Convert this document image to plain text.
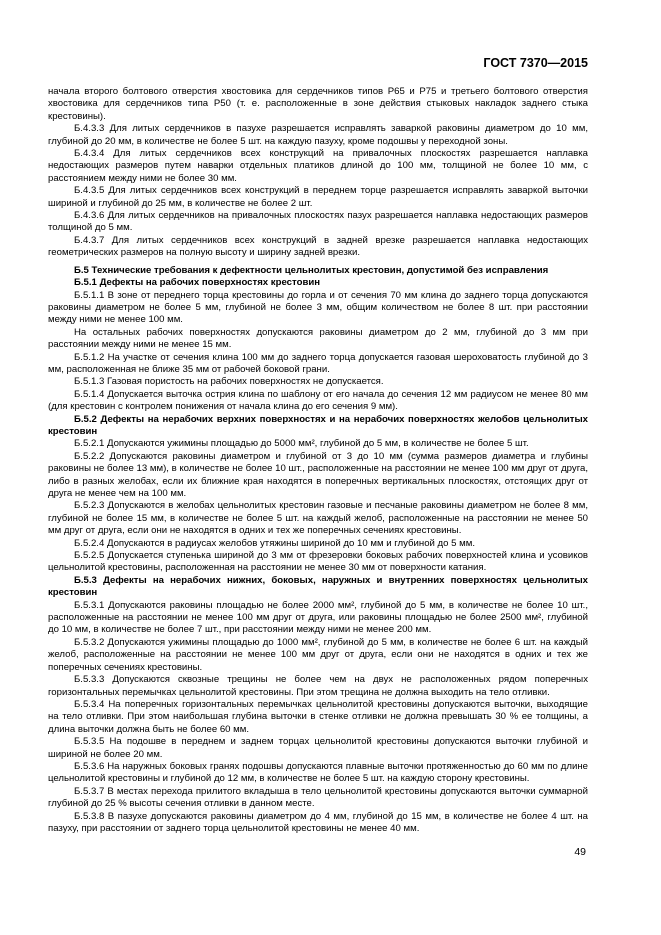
ГОСТ 7370—2015

начала второго болтового отверстия хвостовика для сердечников типов Р65 и Р75 и третьего болтового отверстия хвостовика для сердечников типа Р50 (т. е. расположенные в зоне действия стыковых накладок заднего стыка крестовины).

Б.4.3.3 Для литых сердечников в пазухе разрешается исправлять заваркой раковины диаметром до 10 мм, глубиной до 20 мм, в количестве не более 5 шт. на каждую пазуху, кроме подошвы у переходной зоны.

Б.4.3.4 Для литых сердечников всех конструкций на привалочных плоскостях разрешается наплавка недостающих размеров путем наварки отдельных платиков длиной до 100 мм, толщиной не более 10 мм, с расстоянием между ними не более 30 мм.

Б.4.3.5 Для литых сердечников всех конструкций в переднем торце разрешается исправлять заваркой выточки шириной и глубиной до 25 мм, в количестве не более 2 шт.

Б.4.3.6 Для литых сердечников на привалочных плоскостях пазух разрешается наплавка недостающих размеров толщиной до 5 мм.

Б.4.3.7 Для литых сердечников всех конструкций в задней врезке разрешается наплавка недостающих геометрических размеров на полную высоту и ширину задней врезки.

Б.5 Технические требования к дефектности цельнолитых крестовин, допустимой без исправления

Б.5.1 Дефекты на рабочих поверхностях крестовин

Б.5.1.1 В зоне от переднего торца крестовины до горла и от сечения 70 мм клина до заднего торца допускаются раковины диаметром не более 5 мм, глубиной не более 3 мм, общим количеством не более 8 шт. при расстоянии между ними не менее 100 мм.

На остальных рабочих поверхностях допускаются раковины диаметром до 2 мм, глубиной до 3 мм при расстоянии между ними не менее 15 мм.

Б.5.1.2 На участке от сечения клина 100 мм до заднего торца допускается газовая шероховатость глубиной до 3 мм, расположенная не ближе 35 мм от рабочей боковой грани.

Б.5.1.3 Газовая пористость на рабочих поверхностях не допускается.

Б.5.1.4 Допускается выточка острия клина по шаблону от его начала до сечения 12 мм радиусом не менее 80 мм (для крестовин с контролем понижения от начала клина до его сечения 9 мм).

Б.5.2 Дефекты на нерабочих верхних поверхностях и на нерабочих поверхностях желобов цельнолитых крестовин

Б.5.2.1 Допускаются ужимины площадью до 5000 мм², глубиной до 5 мм, в количестве не более 5 шт.

Б.5.2.2 Допускаются раковины диаметром и глубиной от 3 до 10 мм (сумма размеров диаметра и глубины раковины не более 13 мм), в количестве не более 10 шт., расположенные на расстоянии не менее 100 мм друг от друга, либо в разных желобах, если их ближние края находятся в поперечных вертикальных плоскостях, отстоящих друг от друга не менее чем на 100 мм.

Б.5.2.3 Допускаются в желобах цельнолитых крестовин газовые и песчаные раковины диаметром не более 8 мм, глубиной не более 15 мм, в количестве не более 5 шт. на каждый желоб, расположенные на расстоянии не менее 50 мм друг от друга, если они не находятся в одних и тех же поперечных сечениях крестовины.

Б.5.2.4 Допускаются в радиусах желобов утяжины шириной до 10 мм и глубиной до 5 мм.

Б.5.2.5 Допускается ступенька шириной до 3 мм от фрезеровки боковых рабочих поверхностей клина и усовиков цельнолитой крестовины, расположенная на расстоянии не менее 30 мм от поверхности катания.

Б.5.3 Дефекты на нерабочих нижних, боковых, наружных и внутренних поверхностях цельнолитых крестовин

Б.5.3.1 Допускаются раковины площадью не более 2000 мм², глубиной до 5 мм, в количестве не более 10 шт., расположенные на расстоянии не менее 100 мм друг от друга, или раковины площадью не более 2500 мм², глубиной до 10 мм, в количестве не более 7 шт., при расстоянии между ними не менее 200 мм.

Б.5.3.2 Допускаются ужимины площадью до 1000 мм², глубиной до 5 мм, в количестве не более 6 шт. на каждый желоб, расположенные на расстоянии не менее 100 мм друг от друга, если они не находятся в одних и тех же поперечных сечениях крестовины.

Б.5.3.3 Допускаются сквозные трещины не более чем на двух не расположенных рядом поперечных горизонтальных перемычках цельнолитой крестовины. При этом трещина не должна выходить на тело отливки.

Б.5.3.4 На поперечных горизонтальных перемычках цельнолитой крестовины допускаются выточки, выходящие на тело отливки. При этом наибольшая глубина выточки в стенке отливки не должна превышать 30 % ее толщины, а длина выточки должна быть не более 60 мм.

Б.5.3.5 На подошве в переднем и заднем торцах цельнолитой крестовины допускаются выточки глубиной и шириной не более 20 мм.

Б.5.3.6 На наружных боковых гранях подошвы допускаются плавные выточки протяженностью до 60 мм по длине цельнолитой крестовины и глубиной до 12 мм, в количестве не более 5 шт. на каждую сторону крестовины.

Б.5.3.7 В местах перехода прилитого вкладыша в тело цельнолитой крестовины допускаются выточки суммарной глубиной до 25 % высоты сечения отливки в данном месте.

Б.5.3.8 В пазухе допускаются раковины диаметром до 4 мм, глубиной до 15 мм, в количестве не более 4 шт. на пазуху, при расстоянии от заднего торца цельнолитой крестовины не менее 40 мм.

49
